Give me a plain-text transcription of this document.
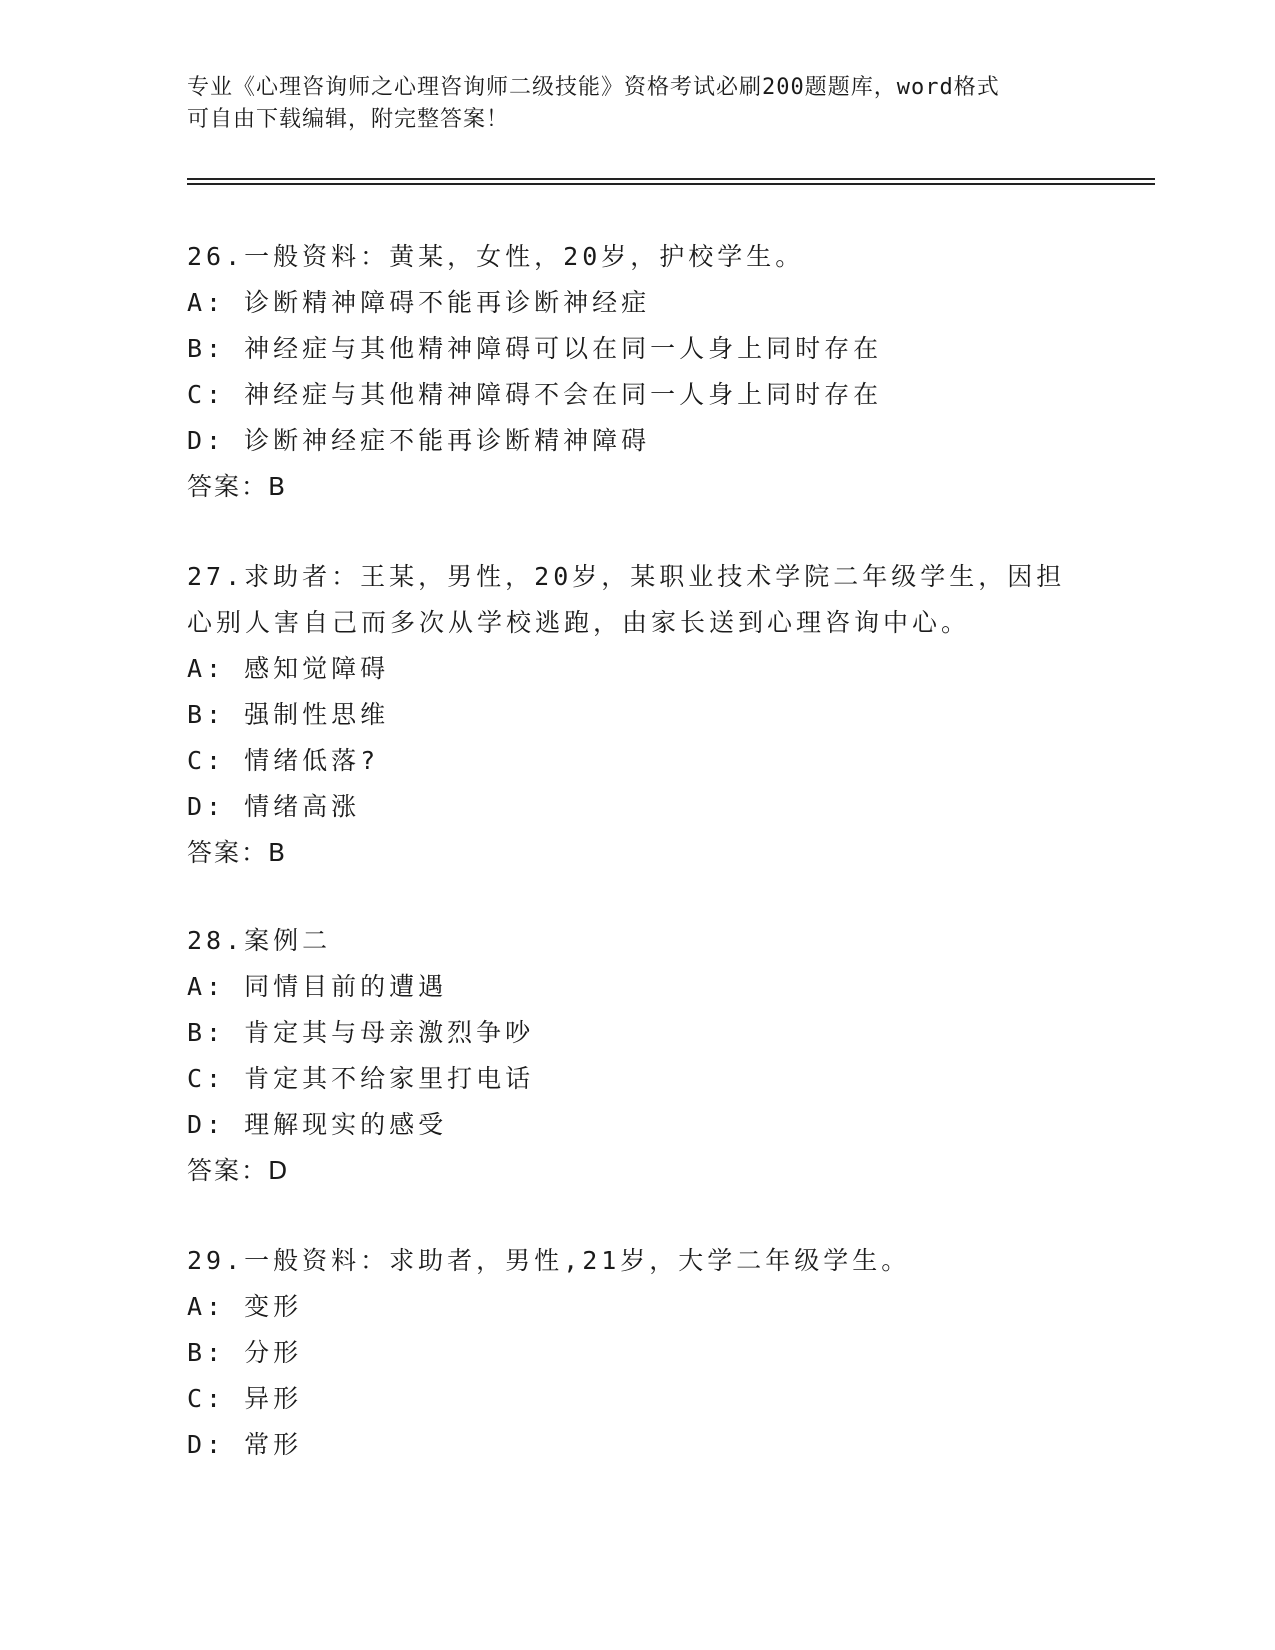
专业《心理咨询师之心理咨询师二级技能》资格考试必刷200题题库，word格式
可自由下载编辑，附完整答案！
26.一般资料：黄某，女性，20岁，护校学生。
A: 诊断精神障碍不能再诊断神经症
B: 神经症与其他精神障碍可以在同一人身上同时存在
C: 神经症与其他精神障碍不会在同一人身上同时存在
D: 诊断神经症不能再诊断精神障碍
答案：B
27.求助者：王某，男性，20岁，某职业技术学院二年级学生，因担心别人害自己而多次从学校逃跑，由家长送到心理咨询中心。
A: 感知觉障碍
B: 强制性思维
C: 情绪低落?
D: 情绪高涨
答案：B
28.案例二
A: 同情目前的遭遇
B: 肯定其与母亲激烈争吵
C: 肯定其不给家里打电话
D: 理解现实的感受
答案：D
29.一般资料：求助者，男性,21岁，大学二年级学生。
A: 变形
B: 分形
C: 异形
D: 常形
